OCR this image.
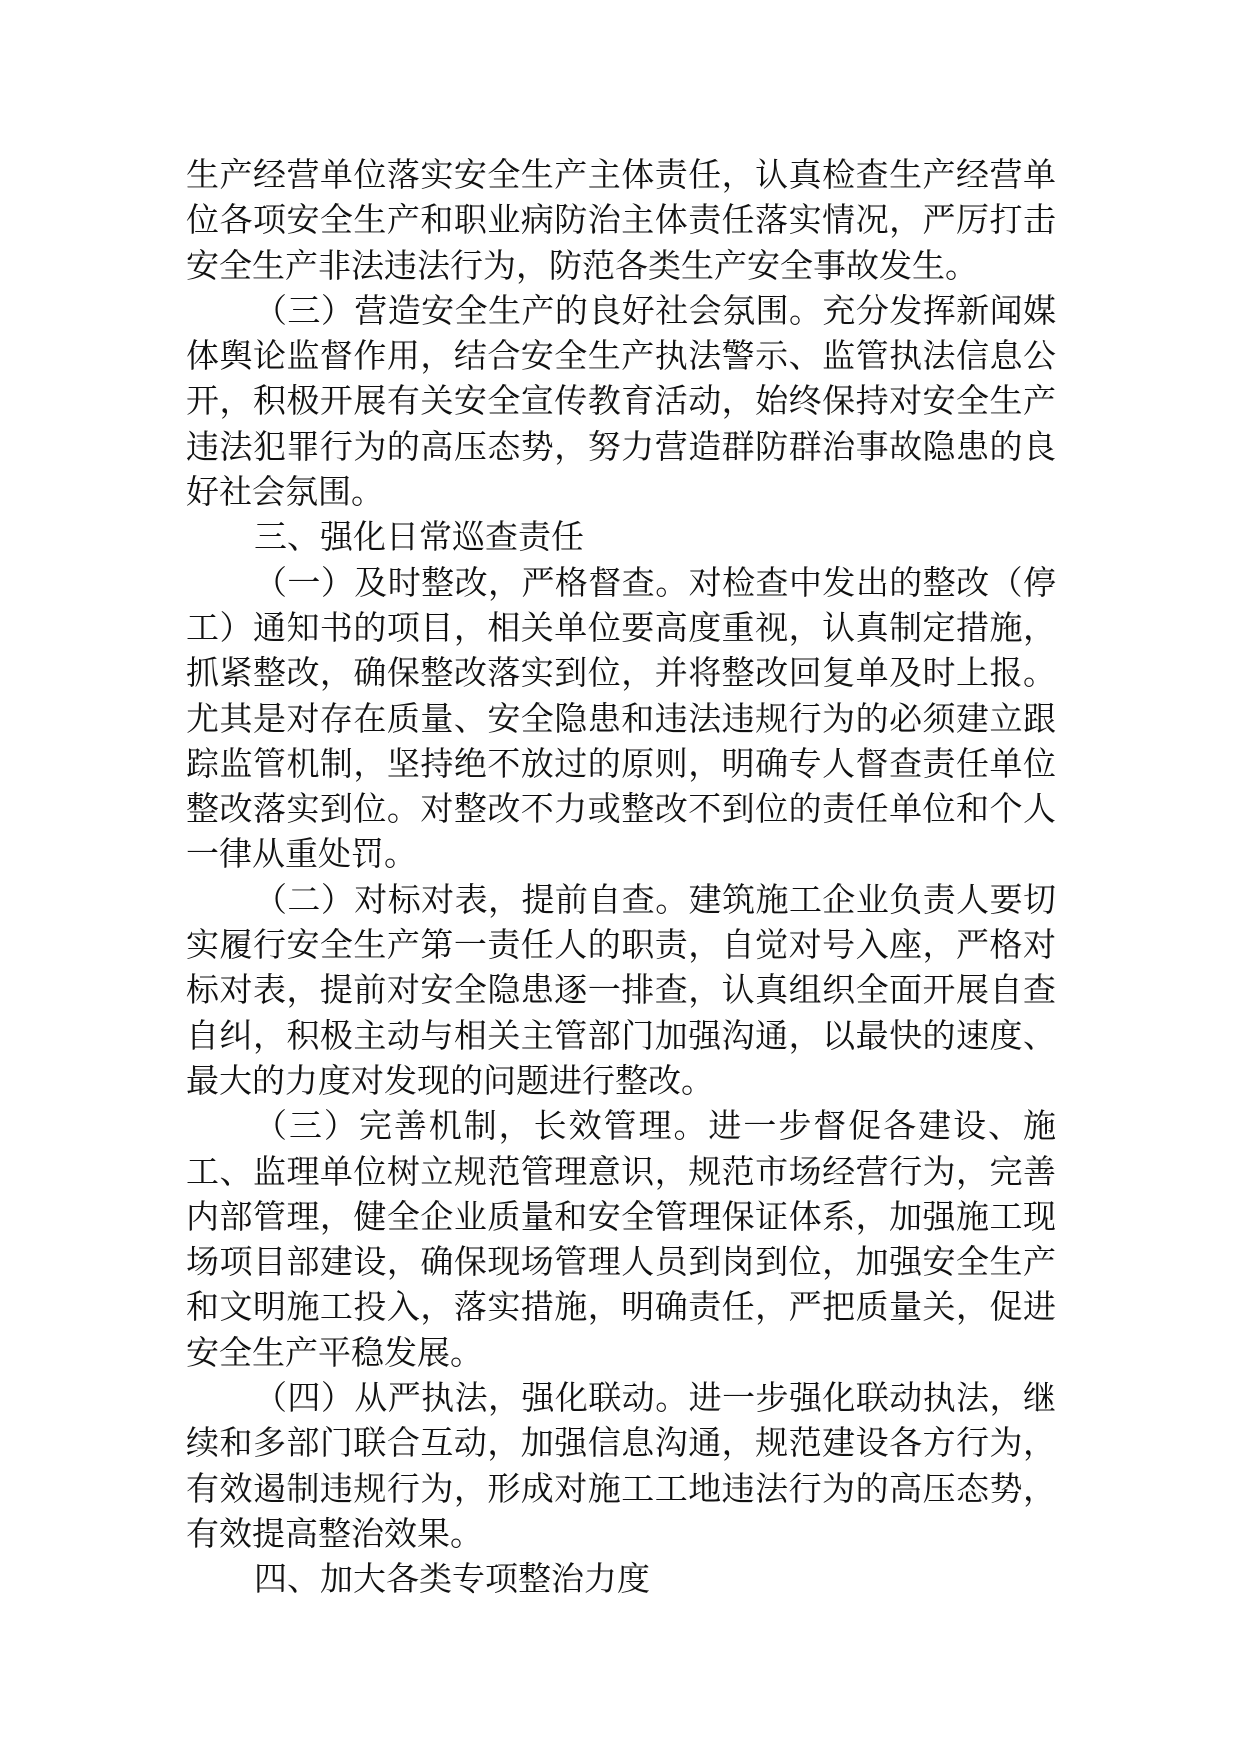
生产经营单位落实安全生产主体责任，认真检查生产经营单位各项安全生产和职业病防治主体责任落实情况，严厉打击安全生产非法违法行为，防范各类生产安全事故发生。

（三）营造安全生产的良好社会氛围。充分发挥新闻媒体舆论监督作用，结合安全生产执法警示、监管执法信息公开，积极开展有关安全宣传教育活动，始终保持对安全生产违法犯罪行为的高压态势，努力营造群防群治事故隐患的良好社会氛围。

三、强化日常巡查责任

（一）及时整改，严格督查。对检查中发出的整改（停工）通知书的项目，相关单位要高度重视，认真制定措施，抓紧整改，确保整改落实到位，并将整改回复单及时上报。尤其是对存在质量、安全隐患和违法违规行为的必须建立跟踪监管机制，坚持绝不放过的原则，明确专人督查责任单位整改落实到位。对整改不力或整改不到位的责任单位和个人一律从重处罚。

（二）对标对表，提前自查。建筑施工企业负责人要切实履行安全生产第一责任人的职责，自觉对号入座，严格对标对表，提前对安全隐患逐一排查，认真组织全面开展自查自纠，积极主动与相关主管部门加强沟通，以最快的速度、最大的力度对发现的问题进行整改。

（三）完善机制，长效管理。进一步督促各建设、施工、监理单位树立规范管理意识，规范市场经营行为，完善内部管理，健全企业质量和安全管理保证体系，加强施工现场项目部建设，确保现场管理人员到岗到位，加强安全生产和文明施工投入，落实措施，明确责任，严把质量关，促进安全生产平稳发展。

（四）从严执法，强化联动。进一步强化联动执法，继续和多部门联合互动，加强信息沟通，规范建设各方行为，有效遏制违规行为，形成对施工工地违法行为的高压态势，有效提高整治效果。

四、加大各类专项整治力度
